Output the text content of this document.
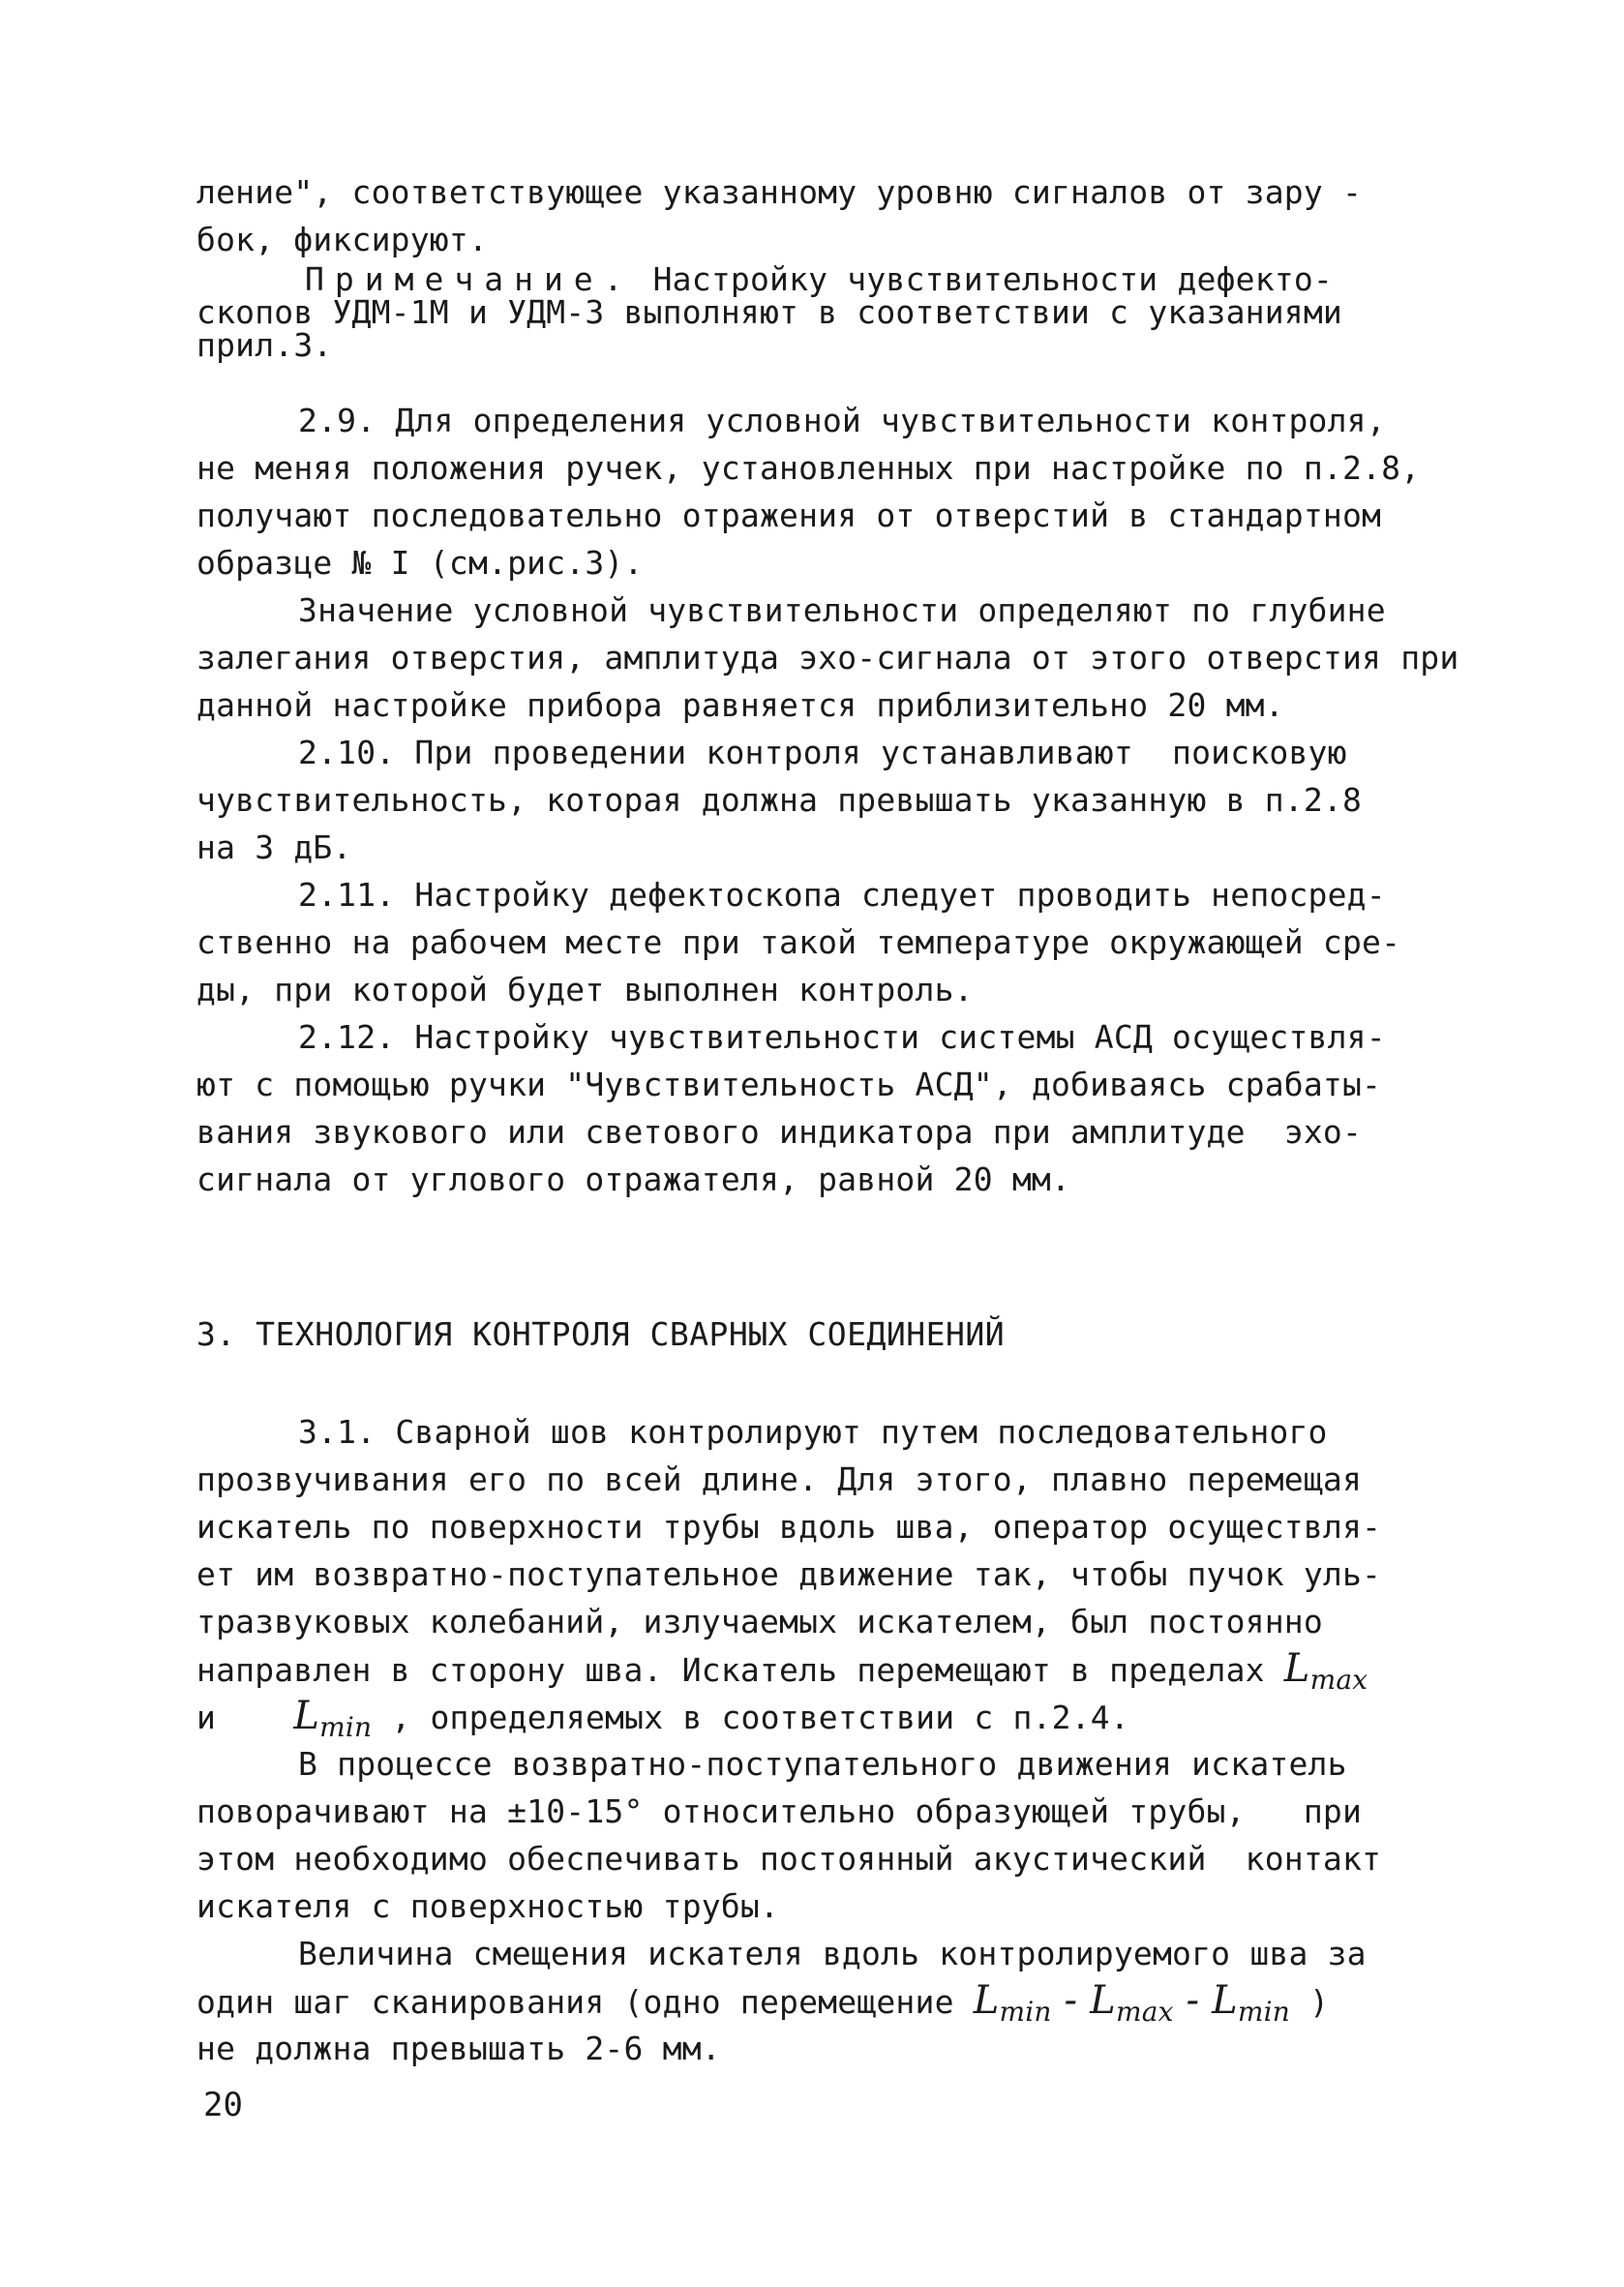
ление", соответствующее указанному уровню сигналов от зару -
бок, фиксируют.
Примечание. Настройку чувствительности дефекто-
скопов УДМ-1М и УДМ-3 выполняют в соответствии с указаниями
прил.3.
2.9. Для определения условной чувствительности контроля,
не меняя положения ручек, установленных при настройке по п.2.8,
получают последовательно отражения от отверстий в стандартном
образце № I (см.рис.3).
Значение условной чувствительности определяют по глубине
залегания отверстия, амплитуда эхо-сигнала от этого отверстия при
данной настройке прибора равняется приблизительно 20 мм.
2.10. При проведении контроля устанавливают  поисковую
чувствительность, которая должна превышать указанную в п.2.8
на 3 дБ.
2.11. Настройку дефектоскопа следует проводить непосред-
ственно на рабочем месте при такой температуре окружающей сре-
ды, при которой будет выполнен контроль.
2.12. Настройку чувствительности системы АСД осуществля-
ют с помощью ручки "Чувствительность АСД", добиваясь срабаты-
вания звукового или светового индикатора при амплитуде  эхо-
сигнала от углового отражателя, равной 20 мм.
3. ТЕХНОЛОГИЯ КОНТРОЛЯ СВАРНЫХ СОЕДИНЕНИЙ
3.1. Сварной шов контролируют путем последовательного
прозвучивания его по всей длине. Для этого, плавно перемещая
искатель по поверхности трубы вдоль шва, оператор осуществля-
ет им возвратно-поступательное движение так, чтобы пучок уль-
тразвуковых колебаний, излучаемых искателем, был постоянно
направлен в сторону шва. Искатель перемещают в пределах $L_{max}$
и    $L_{min}$ , определяемых в соответствии с п.2.4.
В процессе возвратно-поступательного движения искатель
поворачивают на ±10-15° относительно образующей трубы,   при
этом необходимо обеспечивать постоянный акустический  контакт
искателя с поверхностью трубы.
Величина смещения искателя вдоль контролируемого шва за
один шаг сканирования (одно перемещение $L_{min} - L_{max} - L_{min}$ )
не должна превышать 2-6 мм.
20
